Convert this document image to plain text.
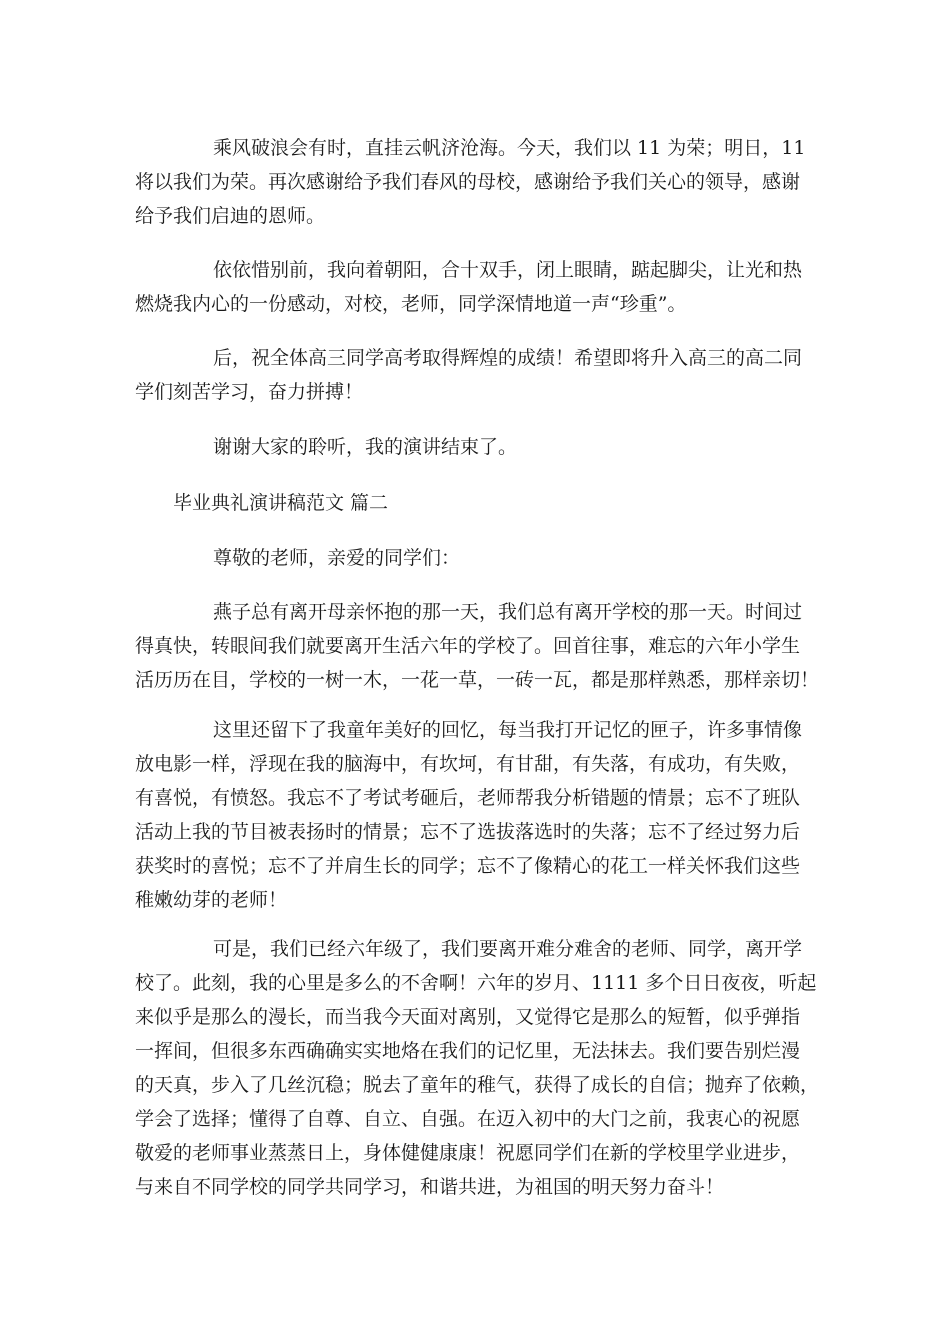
乘风破浪会有时，直挂云帆济沧海。今天，我们以 11 为荣；明日，11
将以我们为荣。再次感谢给予我们春风的母校，感谢给予我们关心的领导，感谢
给予我们启迪的恩师。
依依惜别前，我向着朝阳，合十双手，闭上眼睛，踮起脚尖，让光和热
燃烧我内心的一份感动，对校，老师，同学深情地道一声“珍重”。
后，祝全体高三同学高考取得辉煌的成绩！希望即将升入高三的高二同
学们刻苦学习，奋力拼搏！
谢谢大家的聆听，我的演讲结束了。
毕业典礼演讲稿范文 篇二
尊敬的老师，亲爱的同学们：
燕子总有离开母亲怀抱的那一天，我们总有离开学校的那一天。时间过
得真快，转眼间我们就要离开生活六年的学校了。回首往事，难忘的六年小学生
活历历在目，学校的一树一木，一花一草，一砖一瓦，都是那样熟悉，那样亲切！
这里还留下了我童年美好的回忆，每当我打开记忆的匣子，许多事情像
放电影一样，浮现在我的脑海中，有坎坷，有甘甜，有失落，有成功，有失败，
有喜悦，有愤怒。我忘不了考试考砸后，老师帮我分析错题的情景；忘不了班队
活动上我的节目被表扬时的情景；忘不了选拔落选时的失落；忘不了经过努力后
获奖时的喜悦；忘不了并肩生长的同学；忘不了像精心的花工一样关怀我们这些
稚嫩幼芽的老师！
可是，我们已经六年级了，我们要离开难分难舍的老师、同学，离开学
校了。此刻，我的心里是多么的不舍啊！六年的岁月、1111 多个日日夜夜，听起
来似乎是那么的漫长，而当我今天面对离别，又觉得它是那么的短暂，似乎弹指
一挥间，但很多东西确确实实地烙在我们的记忆里，无法抹去。我们要告别烂漫
的天真，步入了几丝沉稳；脱去了童年的稚气，获得了成长的自信；抛弃了依赖，
学会了选择；懂得了自尊、自立、自强。在迈入初中的大门之前，我衷心的祝愿
敬爱的老师事业蒸蒸日上，身体健健康康！祝愿同学们在新的学校里学业进步，
与来自不同学校的同学共同学习，和谐共进，为祖国的明天努力奋斗！
